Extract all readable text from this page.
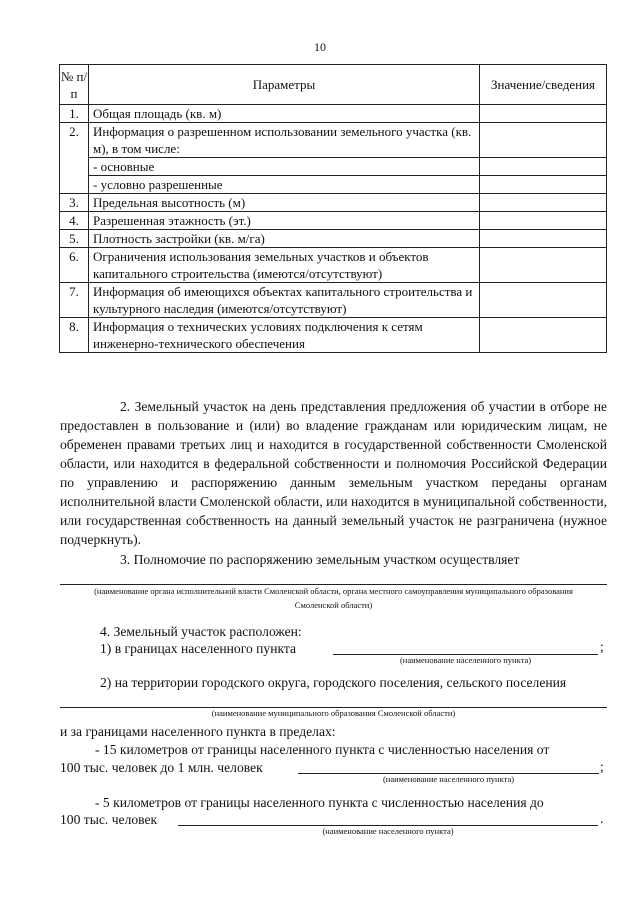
10
№ п/п	Параметры	Значение/сведения
1.	Общая площадь (кв. м)	
2.	Информация о разрешенном использовании земельного участка (кв. м), в том числе:	
	- основные	
	- условно разрешенные	
3.	Предельная высотность (м)	
4.	Разрешенная этажность (эт.)	
5.	Плотность застройки (кв. м/га)	
6.	Ограничения использования земельных участков и объектов капитального строительства (имеются/отсутствуют)	
7.	Информация об имеющихся объектах капитального строительства и культурного наследия (имеются/отсутствуют)	
8.	Информация о технических условиях подключения к сетям инженерно-технического обеспечения	
2. Земельный участок на день представления предложения об участии в отборе не предоставлен в пользование и (или) во владение гражданам или юридическим лицам, не обременен правами третьих лиц и находится в государственной собственности Смоленской области, или находится в федеральной собственности и полномочия Российской Федерации по управлению и распоряжению данным земельным участком переданы органам исполнительной власти Смоленской области, или находится в муниципальной собственности, или государственная собственность на данный земельный участок не разграничена (нужное подчеркнуть).
3. Полномочие по распоряжению земельным участком осуществляет
(наименование органа исполнительной власти Смоленской области, органа местного самоуправления муниципального образования
Смоленской области)
4. Земельный участок расположен:
1) в границах населенного пункта	;
(наименование населенного пункта)
2) на территории городского округа, городского поселения, сельского поселения
(наименование муниципального образования Смоленской области)
и за границами населенного пункта в пределах:
- 15 километров от границы населенного пункта с численностью населения от
100 тыс. человек до 1 млн. человек	;
(наименование населенного пункта)
- 5 километров от границы населенного пункта с численностью населения до
100 тыс. человек	.
(наименование населенного пункта)
